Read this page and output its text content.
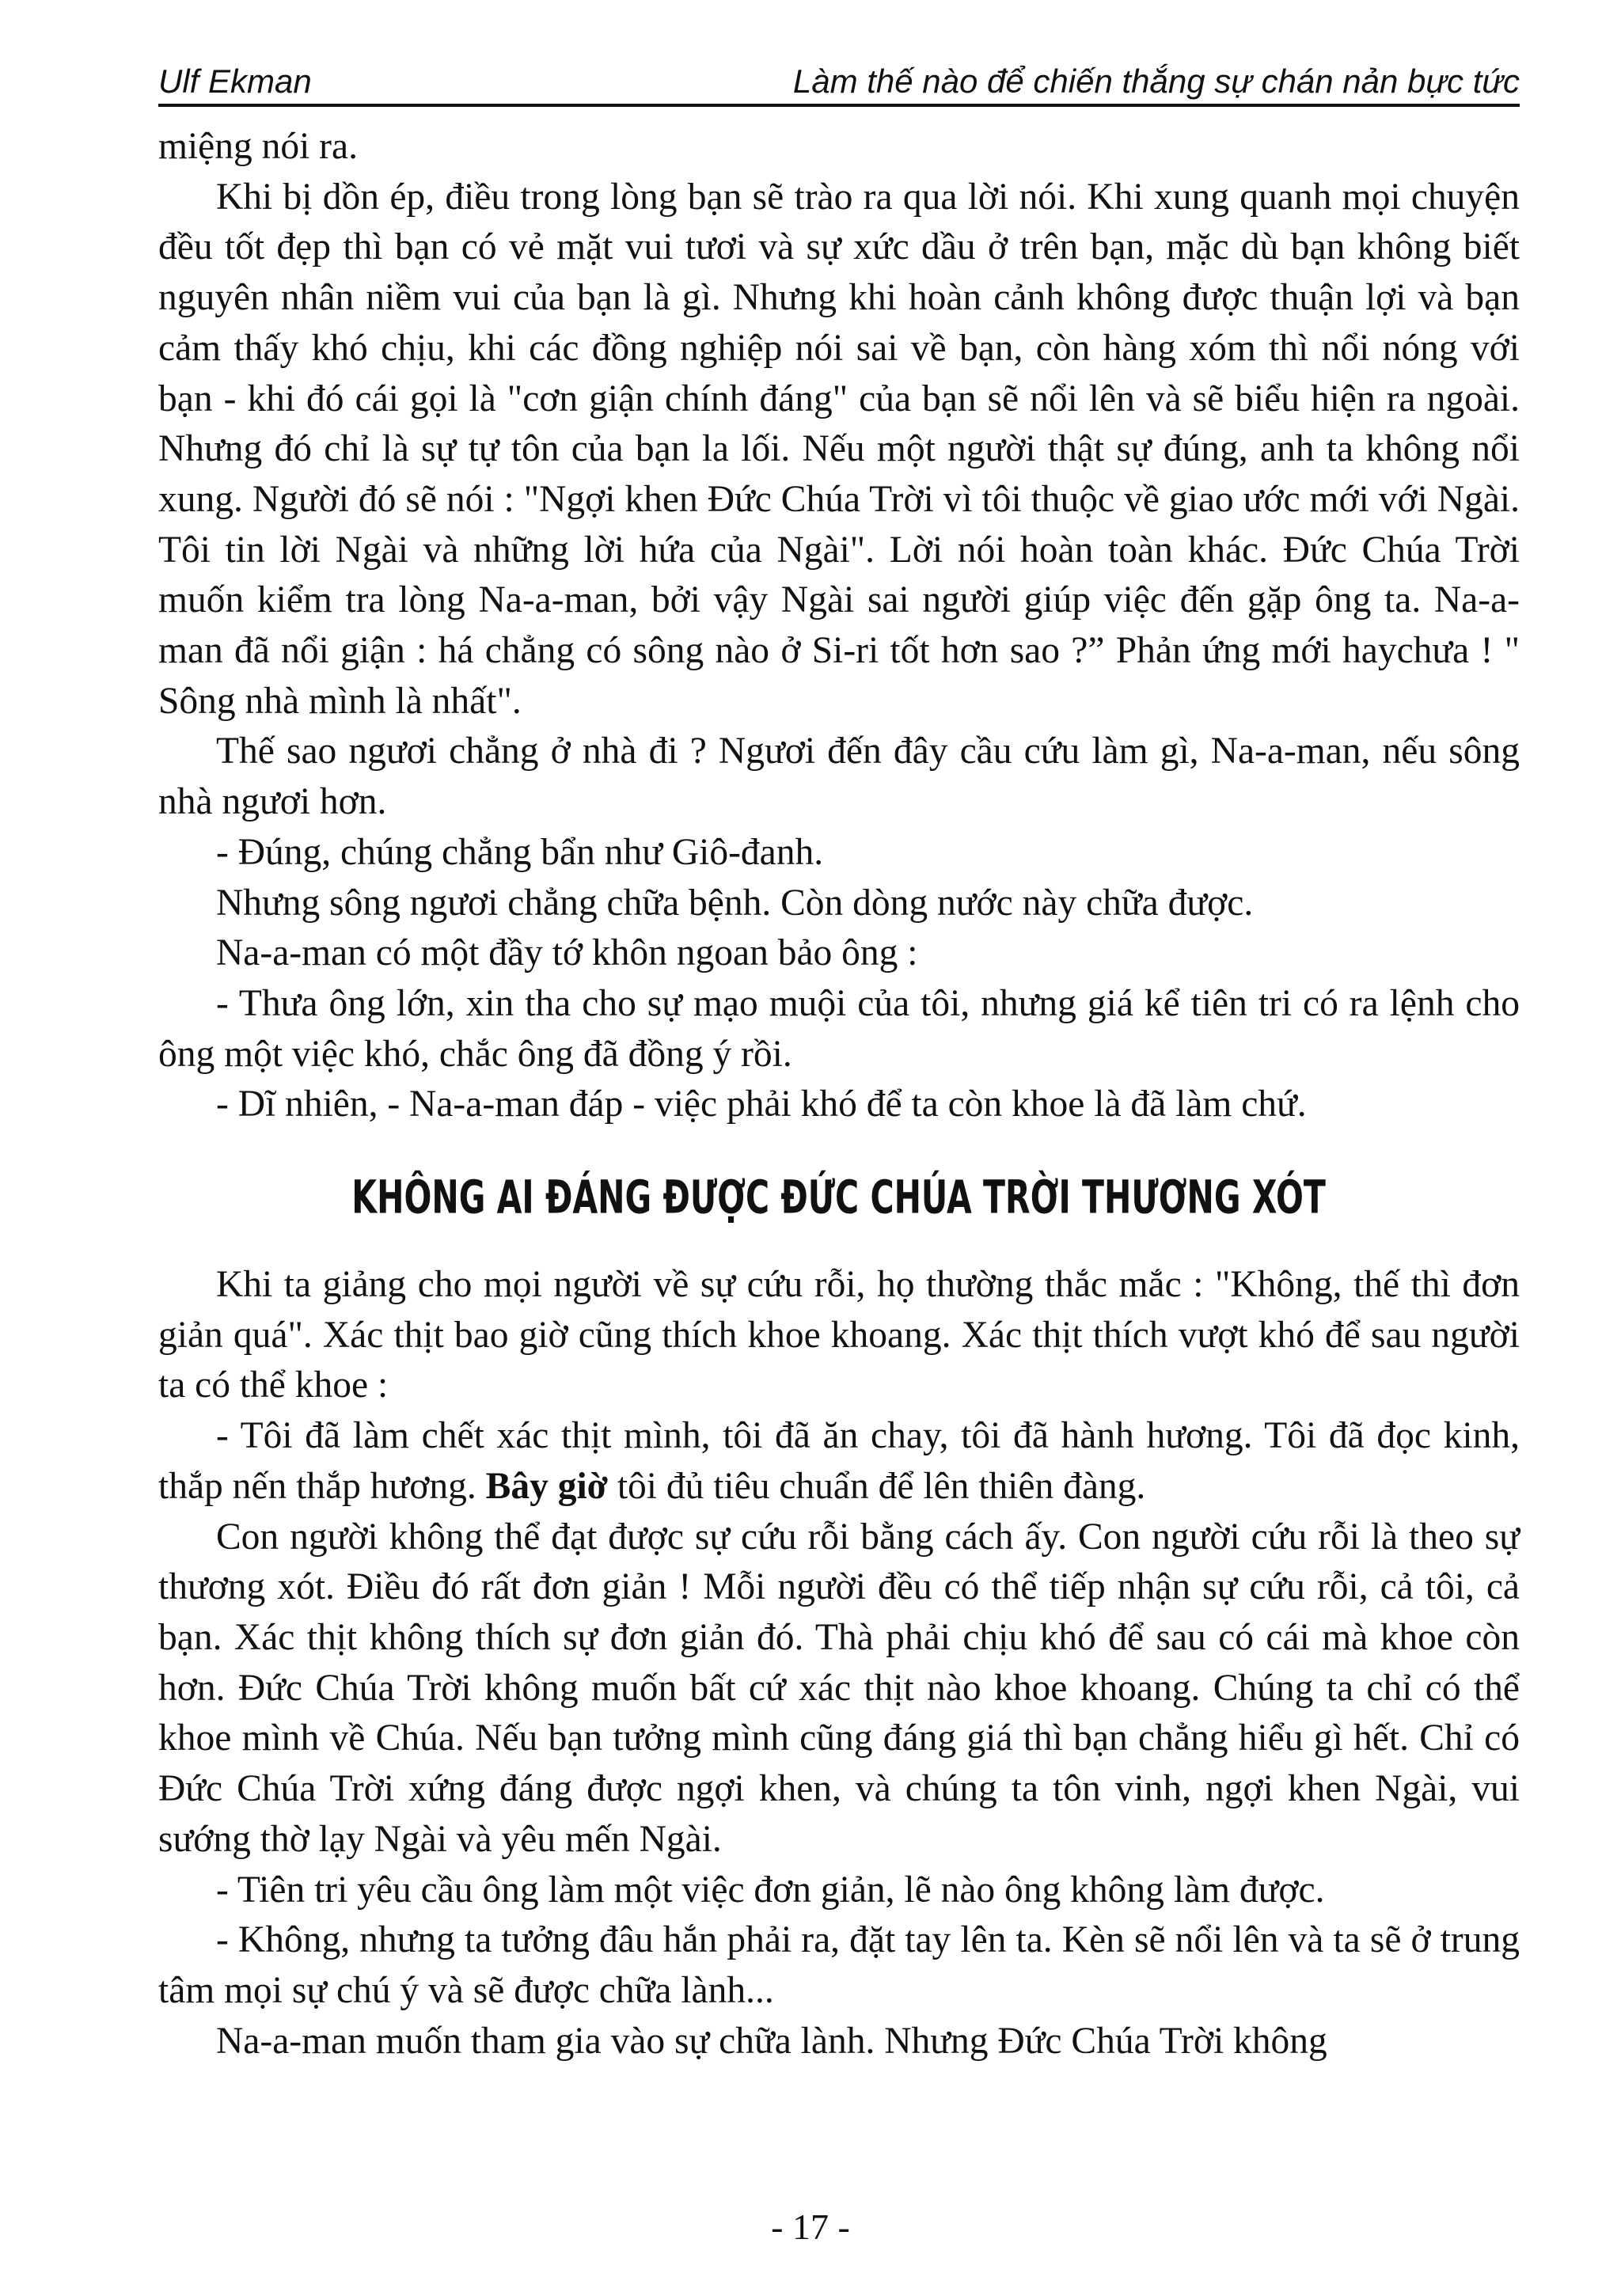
Ulf Ekman	Làm thế nào để chiến thắng sự chán nản bực tức

miệng nói ra.

Khi bị dồn ép, điều trong lòng bạn sẽ trào ra qua lời nói. Khi xung quanh mọi chuyện đều tốt đẹp thì bạn có vẻ mặt vui tươi và sự xức dầu ở trên bạn, mặc dù bạn không biết nguyên nhân niềm vui của bạn là gì. Nhưng khi hoàn cảnh không được thuận lợi và bạn cảm thấy khó chịu, khi các đồng nghiệp nói sai về bạn, còn hàng xóm thì nổi nóng với bạn - khi đó cái gọi là "cơn giận chính đáng" của bạn sẽ nổi lên và sẽ biểu hiện ra ngoài. Nhưng đó chỉ là sự tự tôn của bạn la lối. Nếu một người thật sự đúng, anh ta không nổi xung. Người đó sẽ nói : "Ngợi khen Đức Chúa Trời vì tôi thuộc về giao ước mới với Ngài. Tôi tin lời Ngài và những lời hứa của Ngài". Lời nói hoàn toàn khác. Đức Chúa Trời muốn kiểm tra lòng Na-a-man, bởi vậy Ngài sai người giúp việc đến gặp ông ta. Na-a-man đã nổi giận : há chẳng có sông nào ở Si-ri tốt hơn sao ?” Phản ứng mới haychưa ! " Sông nhà mình là nhất".

Thế sao ngươi chẳng ở nhà đi ? Ngươi đến đây cầu cứu làm gì, Na-a-man, nếu sông nhà ngươi hơn.

- Đúng, chúng chẳng bẩn như Giô-đanh.

Nhưng sông ngươi chẳng chữa bệnh. Còn dòng nước này chữa được.

Na-a-man có một đầy tớ khôn ngoan bảo ông :

- Thưa ông lớn, xin tha cho sự mạo muội của tôi, nhưng giá kể tiên tri có ra lệnh cho ông một việc khó, chắc ông đã đồng ý rồi.

- Dĩ nhiên, - Na-a-man đáp - việc phải khó để ta còn khoe là đã làm chứ.

KHÔNG AI ĐÁNG ĐƯỢC ĐỨC CHÚA TRỜI THƯƠNG XÓT

Khi ta giảng cho mọi người về sự cứu rỗi, họ thường thắc mắc : "Không, thế thì đơn giản quá". Xác thịt bao giờ cũng thích khoe khoang. Xác thịt thích vượt khó để sau người ta có thể khoe :

- Tôi đã làm chết xác thịt mình, tôi đã ăn chay, tôi đã hành hương. Tôi đã đọc kinh, thắp nến thắp hương. Bây giờ tôi đủ tiêu chuẩn để lên thiên đàng.

Con người không thể đạt được sự cứu rỗi bằng cách ấy. Con người cứu rỗi là theo sự thương xót. Điều đó rất đơn giản ! Mỗi người đều có thể tiếp nhận sự cứu rỗi, cả tôi, cả bạn. Xác thịt không thích sự đơn giản đó. Thà phải chịu khó để sau có cái mà khoe còn hơn. Đức Chúa Trời không muốn bất cứ xác thịt nào khoe khoang. Chúng ta chỉ có thể khoe mình về Chúa. Nếu bạn tưởng mình cũng đáng giá thì bạn chẳng hiểu gì hết. Chỉ có Đức Chúa Trời xứng đáng được ngợi khen, và chúng ta tôn vinh, ngợi khen Ngài, vui sướng thờ lạy Ngài và yêu mến Ngài.

- Tiên tri yêu cầu ông làm một việc đơn giản, lẽ nào ông không làm được.

- Không, nhưng ta tưởng đâu hắn phải ra, đặt tay lên ta. Kèn sẽ nổi lên và ta sẽ ở trung tâm mọi sự chú ý và sẽ được chữa lành...

Na-a-man muốn tham gia vào sự chữa lành. Nhưng Đức Chúa Trời không

- 17 -
